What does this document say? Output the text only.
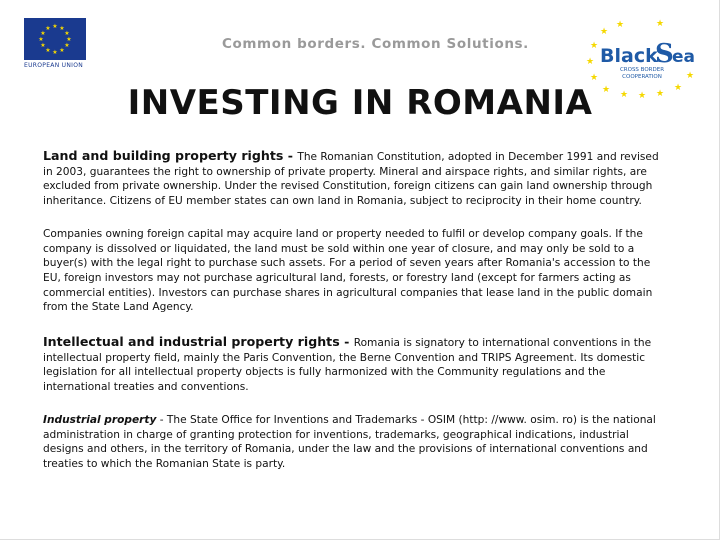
★ ★
★
★
★
★
★
★
★
★
★
★
EUROPEAN UNION
Common borders. Common Solutions.	★
★
★
★ ★ ★ ★
★
★
★
★	★
Black
S
ea
CROSS BORDER
COOPERATION
INVESTING IN ROMANIA

Land and building property rights - The Romanian Constitution, adopted in December 1991 and revised in 2003, guarantees the right to ownership of private property. Mineral and airspace rights, and similar rights, are excluded from private ownership. Under the revised Constitution, foreign citizens can gain land ownership through inheritance. Citizens of EU member states can own land in Romania, subject to reciprocity in their home country.

Companies owning foreign capital may acquire land or property needed to fulfil or develop company goals. If the company is dissolved or liquidated, the land must be sold within one year of closure, and may only be sold to a buyer(s) with the legal right to purchase such assets. For a period of seven years after Romania's accession to the EU, foreign investors may not purchase agricultural land, forests, or forestry land (except for farmers acting as commercial entities). Investors can purchase shares in agricultural companies that lease land in the public domain from the State Land Agency.

Intellectual and industrial property rights - Romania is signatory to international conventions in the intellectual property field, mainly the Paris Convention, the Berne Convention and TRIPS Agreement. Its domestic legislation for all intellectual property objects is fully harmonized with the Community regulations and the international treaties and conventions.

Industrial property - The State Office for Inventions and Trademarks - OSIM (http: //www. osim. ro) is the national administration in charge of granting protection for inventions, trademarks, geographical indications, industrial designs and others, in the territory of Romania, under the law and the provisions of international conventions and treaties to which the Romanian State is party.
